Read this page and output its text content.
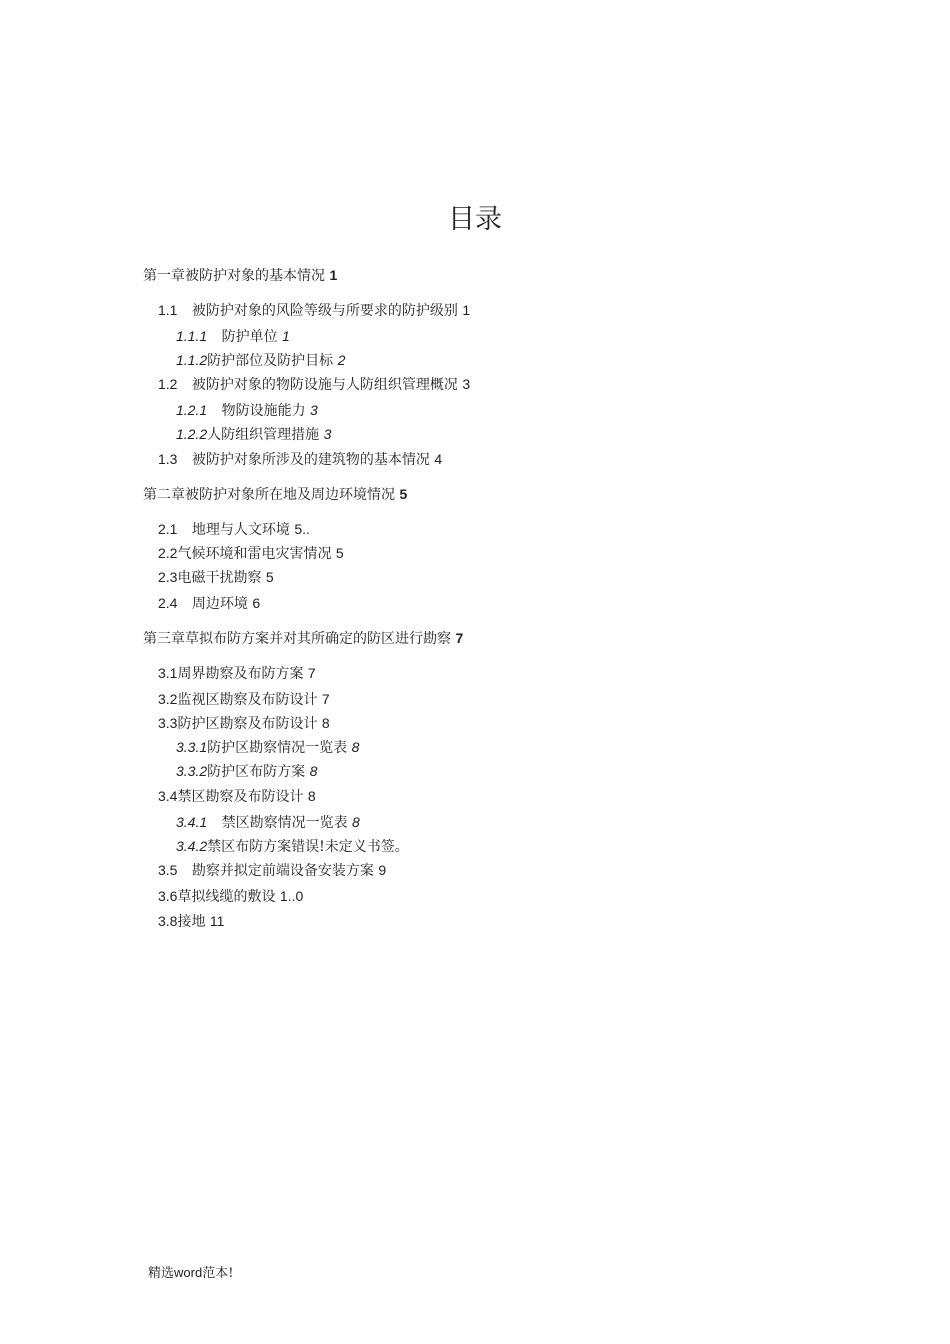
目录
第一章被防护对象的基本情况 1
1.1 被防护对象的风险等级与所要求的防护级别 1
1.1.1 防护单位 1
1.1.2防护部位及防护目标 2
1.2 被防护对象的物防设施与人防组织管理概况 3
1.2.1 物防设施能力 3
1.2.2人防组织管理措施 3
1.3 被防护对象所涉及的建筑物的基本情况 4
第二章被防护对象所在地及周边环境情况 5
2.1 地理与人文环境 5..
2.2气候环境和雷电灾害情况 5
2.3电磁干扰勘察 5
2.4 周边环境 6
第三章草拟布防方案并对其所确定的防区进行勘察 7
3.1周界勘察及布防方案 7
3.2监视区勘察及布防设计 7
3.3防护区勘察及布防设计 8
3.3.1防护区勘察情况一览表 8
3.3.2防护区布防方案 8
3.4禁区勘察及布防设计 8
3.4.1 禁区勘察情况一览表 8
3.4.2禁区布防方案错误!未定义书签。
3.5 勘察并拟定前端设备安装方案 9
3.6草拟线缆的敷设 1..0
3.8接地 11
精选word范本!
